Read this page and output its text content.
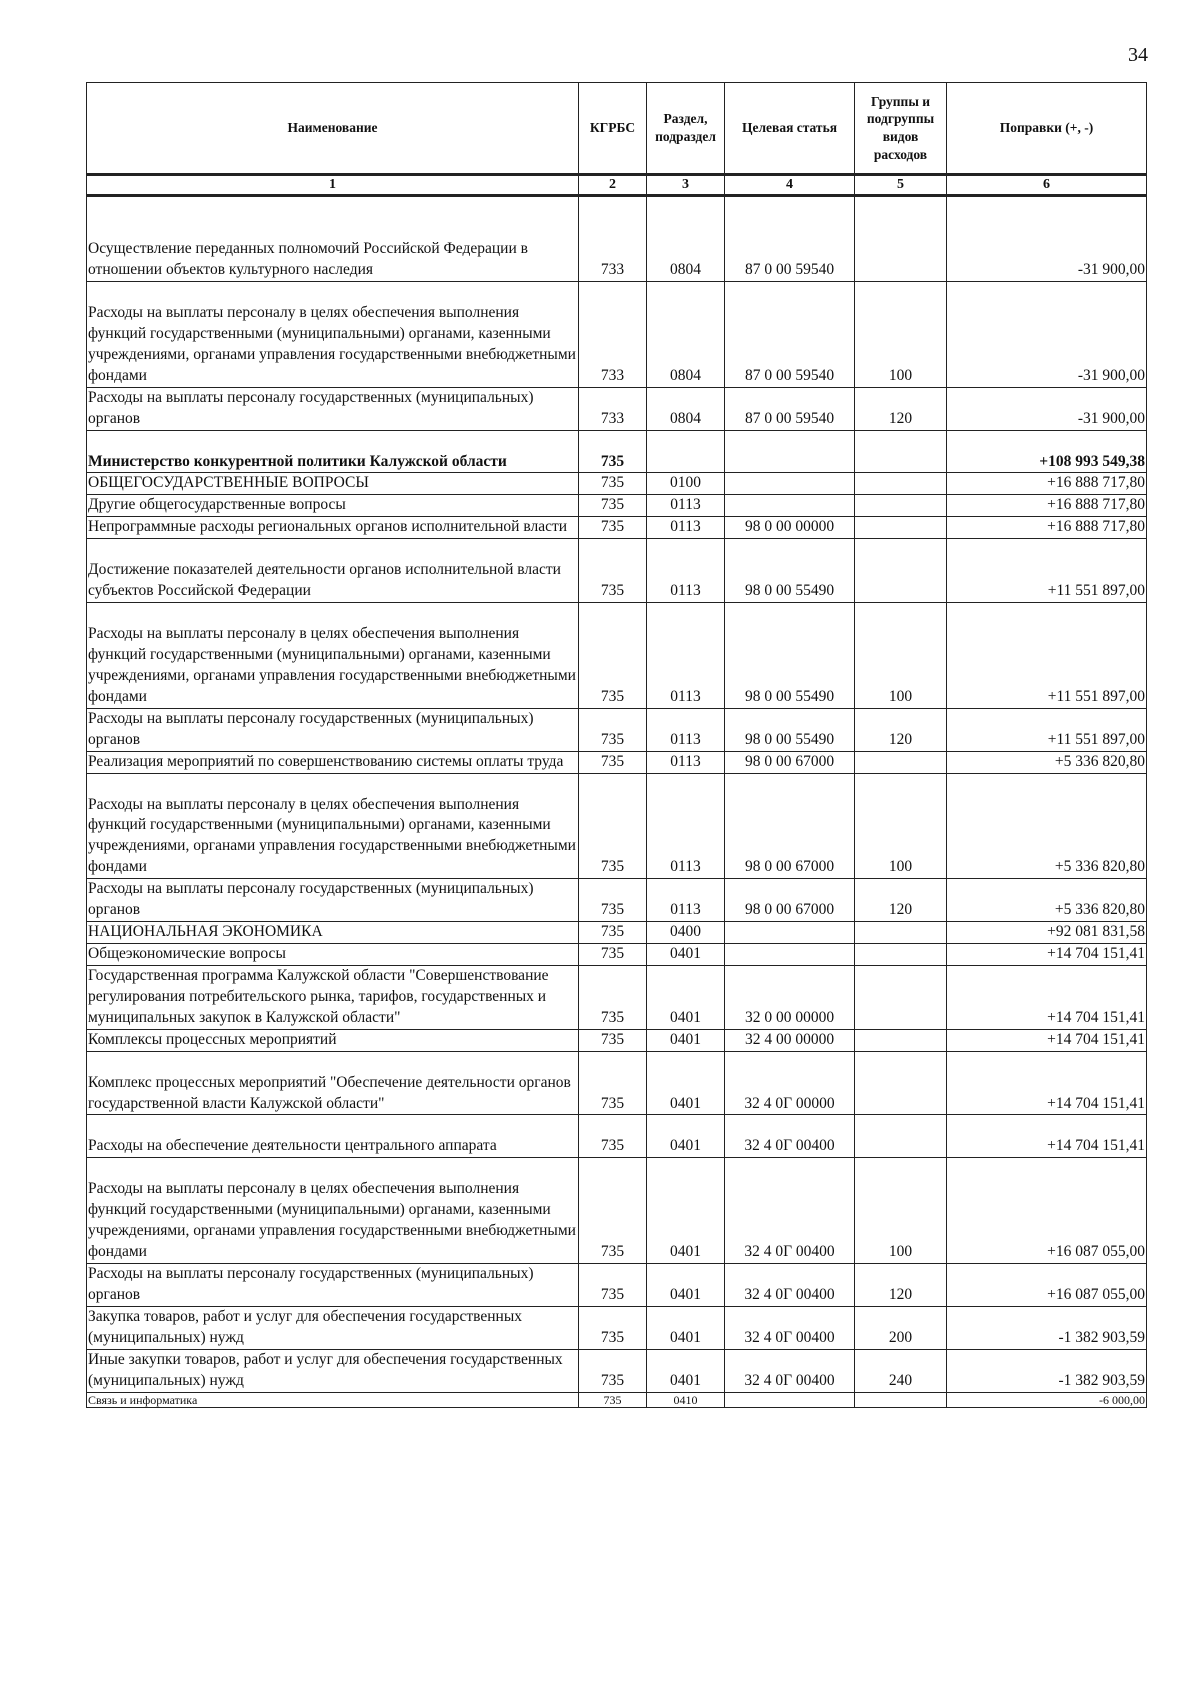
34
Наименование	КГРБС	Раздел, подраздел	Целевая статья	Группы и подгруппы видов расходов	Поправки (+, -)
1	2	3	4	5	6

Осуществление переданных полномочий Российской Федерации в отношении объектов культурного наследия	733	0804	87 0 00 59540		-31 900,00

Расходы на выплаты персоналу в целях обеспечения выполнения функций государственными (муниципальными) органами, казенными учреждениями, органами управления государственными внебюджетными фондами	733	0804	87 0 00 59540	100	-31 900,00
Расходы на выплаты персоналу государственных (муниципальных) органов	733	0804	87 0 00 59540	120	-31 900,00

Министерство конкурентной политики Калужской области	735				+108 993 549,38
ОБЩЕГОСУДАРСТВЕННЫЕ ВОПРОСЫ	735	0100			+16 888 717,80
Другие общегосударственные вопросы	735	0113			+16 888 717,80
Непрограммные расходы региональных органов исполнительной власти	735	0113	98 0 00 00000		+16 888 717,80

Достижение показателей деятельности органов исполнительной власти субъектов Российской Федерации	735	0113	98 0 00 55490		+11 551 897,00

Расходы на выплаты персоналу в целях обеспечения выполнения функций государственными (муниципальными) органами, казенными учреждениями, органами управления государственными внебюджетными фондами	735	0113	98 0 00 55490	100	+11 551 897,00
Расходы на выплаты персоналу государственных (муниципальных) органов	735	0113	98 0 00 55490	120	+11 551 897,00
Реализация мероприятий по совершенствованию системы оплаты труда	735	0113	98 0 00 67000		+5 336 820,80

Расходы на выплаты персоналу в целях обеспечения выполнения функций государственными (муниципальными) органами, казенными учреждениями, органами управления государственными внебюджетными фондами	735	0113	98 0 00 67000	100	+5 336 820,80
Расходы на выплаты персоналу государственных (муниципальных) органов	735	0113	98 0 00 67000	120	+5 336 820,80
НАЦИОНАЛЬНАЯ ЭКОНОМИКА	735	0400			+92 081 831,58
Общеэкономические вопросы	735	0401			+14 704 151,41
Государственная программа Калужской области "Совершенствование регулирования потребительского рынка, тарифов, государственных и муниципальных закупок в Калужской области"	735	0401	32 0 00 00000		+14 704 151,41
Комплексы процессных мероприятий	735	0401	32 4 00 00000		+14 704 151,41

Комплекс процессных мероприятий "Обеспечение деятельности органов государственной власти Калужской области"	735	0401	32 4 0Г 00000		+14 704 151,41

Расходы на обеспечение деятельности центрального аппарата	735	0401	32 4 0Г 00400		+14 704 151,41

Расходы на выплаты персоналу в целях обеспечения выполнения функций государственными (муниципальными) органами, казенными учреждениями, органами управления государственными внебюджетными фондами	735	0401	32 4 0Г 00400	100	+16 087 055,00
Расходы на выплаты персоналу государственных (муниципальных) органов	735	0401	32 4 0Г 00400	120	+16 087 055,00
Закупка товаров, работ и услуг для обеспечения государственных (муниципальных) нужд	735	0401	32 4 0Г 00400	200	-1 382 903,59
Иные закупки товаров, работ и услуг для обеспечения государственных (муниципальных) нужд	735	0401	32 4 0Г 00400	240	-1 382 903,59
Связь и информатика	735	0410			-6 000,00
